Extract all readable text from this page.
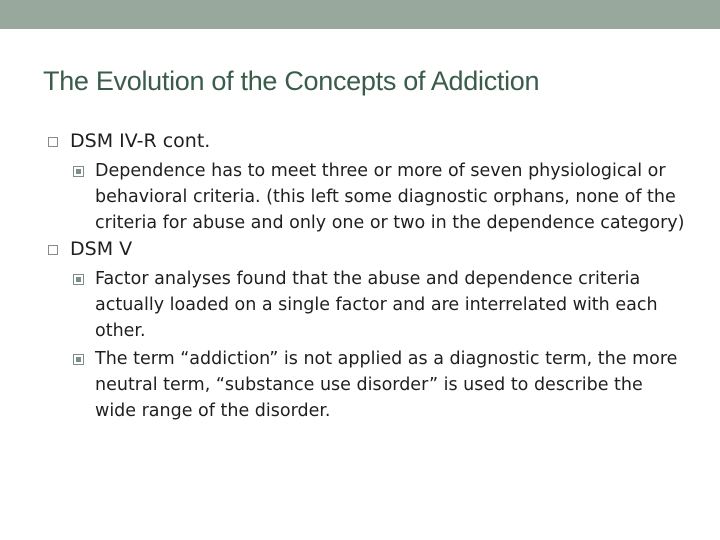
The Evolution of the Concepts of Addiction
DSM IV-R cont.
Dependence has to meet three or more of seven physiological or behavioral criteria. (this left some diagnostic orphans, none of the criteria for abuse and only one or two in the dependence category)
DSM V
Factor analyses found that the abuse and dependence criteria actually loaded on a single factor and are interrelated with each other.
The term “addiction” is not applied as a diagnostic term, the more neutral term, “substance use disorder” is used to describe the wide range of the disorder.
